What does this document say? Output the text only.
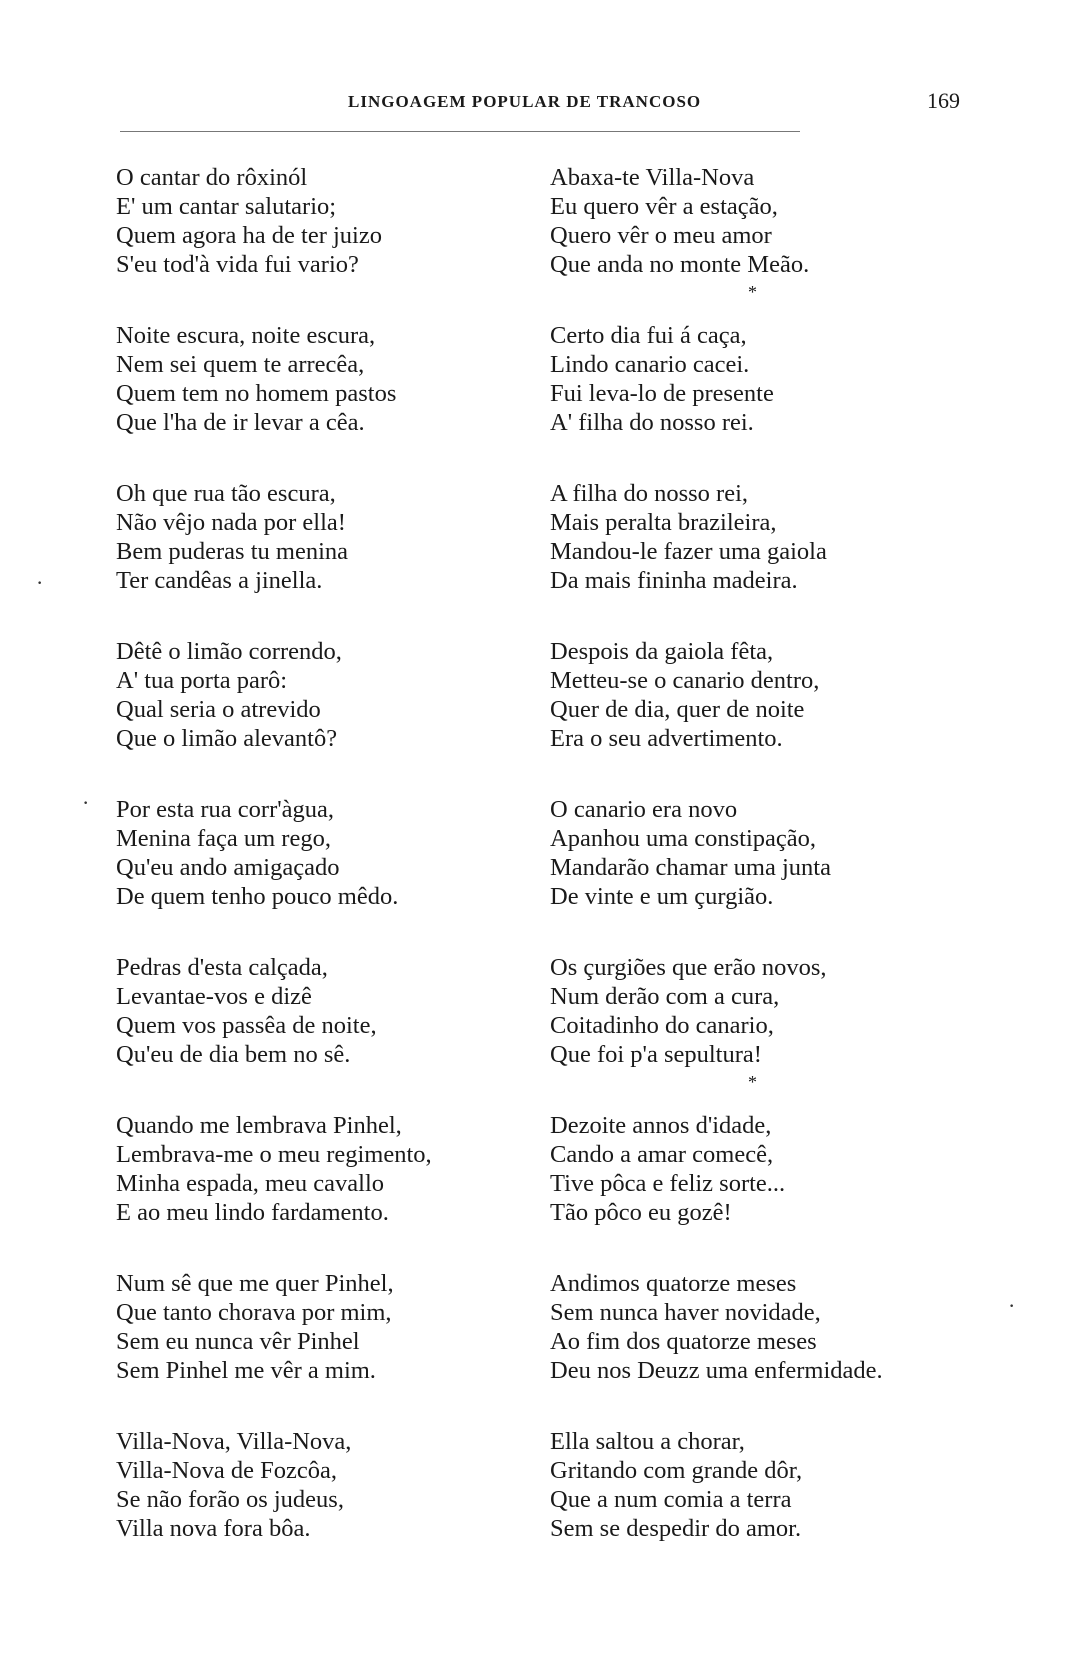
LINGOAGEM POPULAR DE TRANCOSO	169
O cantar do rôxinól
E' um cantar salutario;
Quem agora ha de ter juizo
S'eu tod'à vida fui vario?
Noite escura, noite escura,
Nem sei quem te arrecêa,
Quem tem no homem pastos
Que l'ha de ir levar a cêa.
Oh que rua tão escura,
Não vêjo nada por ella!
Bem puderas tu menina
Ter candêas a jinella.
Dêtê o limão correndo,
A' tua porta parô:
Qual seria o atrevido
Que o limão alevantô?
Por esta rua corr'àgua,
Menina faça um rego,
Qu'eu ando amigaçado
De quem tenho pouco mêdo.
Pedras d'esta calçada,
Levantae-vos e dizê
Quem vos passêa de noite,
Qu'eu de dia bem no sê.
Quando me lembrava Pinhel,
Lembrava-me o meu regimento,
Minha espada, meu cavallo
E ao meu lindo fardamento.
Num sê que me quer Pinhel,
Que tanto chorava por mim,
Sem eu nunca vêr Pinhel
Sem Pinhel me vêr a mim.
Villa-Nova, Villa-Nova,
Villa-Nova de Fozcôa,
Se não forão os judeus,
Villa nova fora bôa.
Abaxa-te Villa-Nova
Eu quero vêr a estação,
Quero vêr o meu amor
Que anda no monte Meão.
*
Certo dia fui á caça,
Lindo canario cacei.
Fui leva-lo de presente
A' filha do nosso rei.
A filha do nosso rei,
Mais peralta brazileira,
Mandou-le fazer uma gaiola
Da mais fininha madeira.
Despois da gaiola fêta,
Metteu-se o canario dentro,
Quer de dia, quer de noite
Era o seu advertimento.
O canario era novo
Apanhou uma constipação,
Mandarão chamar uma junta
De vinte e um çurgião.
Os çurgiões que erão novos,
Num derão com a cura,
Coitadinho do canario,
Que foi p'a sepultura!
*
Dezoite annos d'idade,
Cando a amar comecê,
Tive pôca e feliz sorte...
Tão pôco eu gozê!
Andimos quatorze meses
Sem nunca haver novidade,
Ao fim dos quatorze meses
Deu nos Deuzz uma enfermidade.
Ella saltou a chorar,
Gritando com grande dôr,
Que a num comia a terra
Sem se despedir do amor.
·
·
·
